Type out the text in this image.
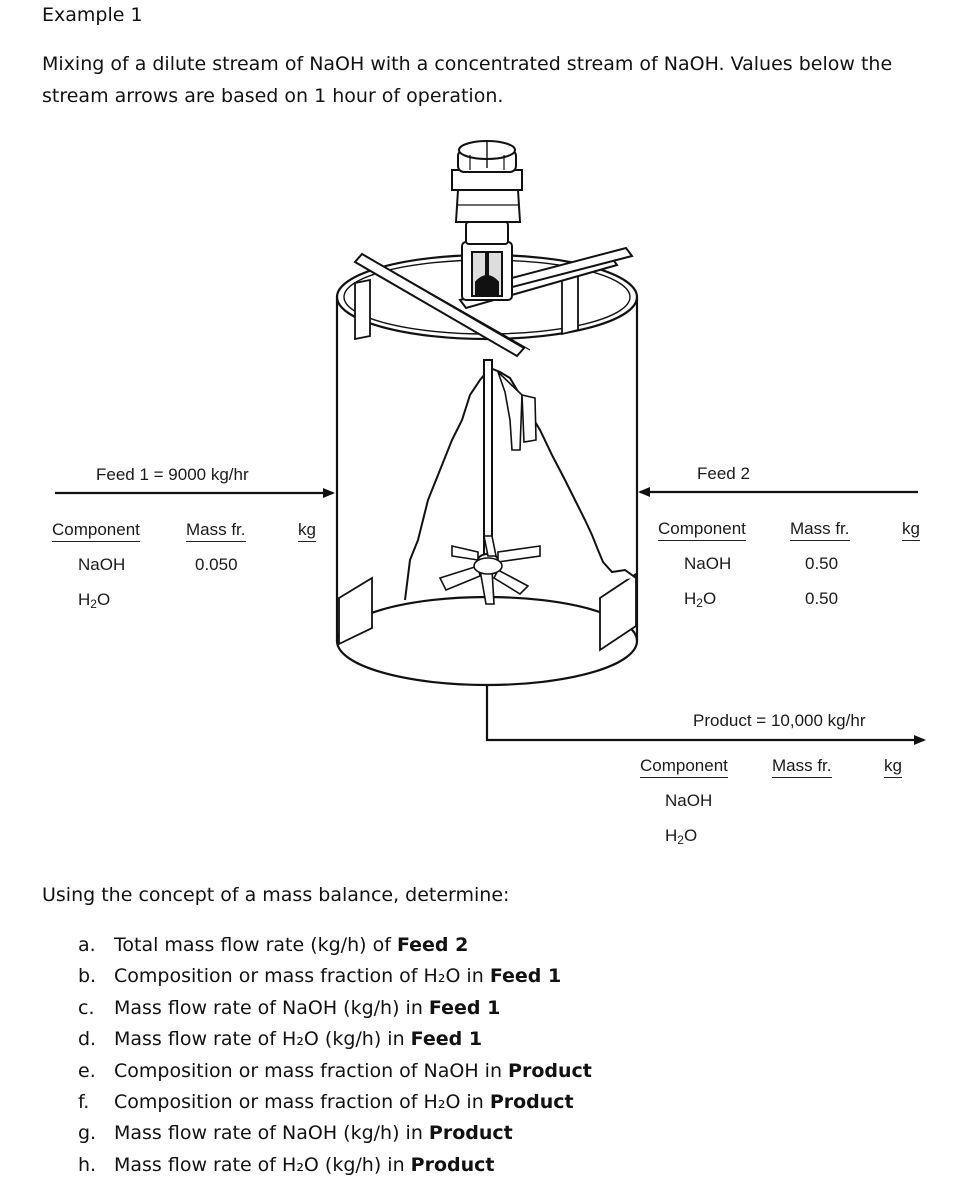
Example 1
Mixing of a dilute stream of NaOH with a concentrated stream of NaOH. Values below the stream arrows are based on 1 hour of operation.
Feed 1 = 9000 kg/hr
Component	Mass fr.	kg
NaOH	0.050
$H_2O$
Feed 2
Component	Mass fr.	kg
NaOH	0.50
$H_2O$	0.50
Product = 10,000 kg/hr
Component	Mass fr.	kg
NaOH
$H_2O$
Using the concept of a mass balance, determine:
a. Total mass flow rate (kg/h) of Feed 2
b. Composition or mass fraction of H₂O in Feed 1
c. Mass flow rate of NaOH (kg/h) in Feed 1
d. Mass flow rate of H₂O (kg/h) in Feed 1
e. Composition or mass fraction of NaOH in Product
f. Composition or mass fraction of H₂O in Product
g. Mass flow rate of NaOH (kg/h) in Product
h. Mass flow rate of H₂O (kg/h) in Product
